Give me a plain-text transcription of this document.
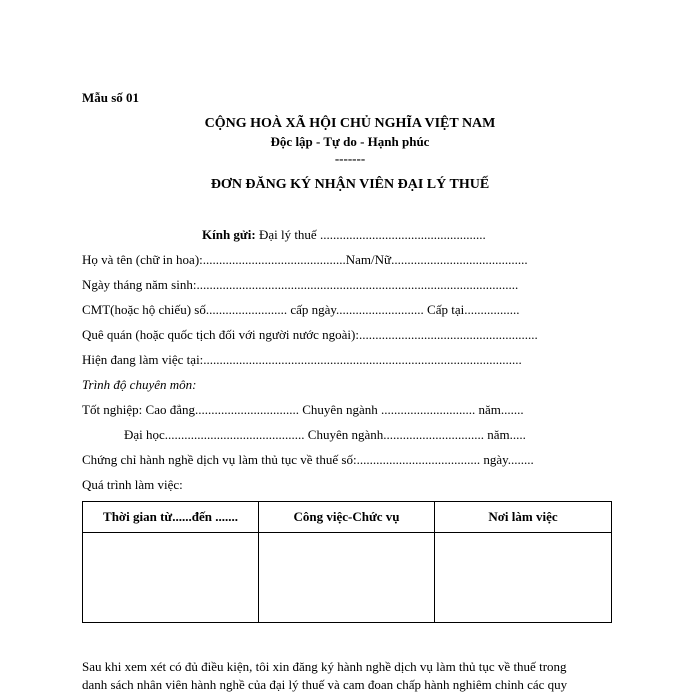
Mẫu số 01
CỘNG HOÀ XÃ HỘI CHỦ NGHĨA VIỆT NAM
Độc lập - Tự do - Hạnh phúc
-------
ĐƠN ĐĂNG KÝ NHẬN VIÊN ĐẠI LÝ THUẾ
Kính gửi: Đại lý thuế ...................................................
Họ và tên (chữ in hoa):............................................Nam/Nữ..........................................
Ngày tháng năm sinh:...................................................................................................
CMT(hoặc hộ chiếu) số......................... cấp ngày........................... Cấp tại.................
Quê quán (hoặc quốc tịch đối với người nước ngoài):.......................................................
Hiện đang làm việc tại:..................................................................................................
Trình độ chuyên môn:
Tốt nghiệp: Cao đẳng................................ Chuyên ngành ............................. năm.......
Đại học........................................... Chuyên ngành............................... năm.....
Chứng chỉ hành nghề dịch vụ làm thủ tục về thuế số:...................................... ngày........
Quá trình làm việc:
Thời gian từ......đến .......	Công việc-Chức vụ	Nơi làm việc

Sau khi xem xét có đủ điều kiện, tôi xin đăng ký hành nghề dịch vụ làm thủ tục về thuế trong
danh sách nhân viên hành nghề của đại lý thuế và cam đoan chấp hành nghiêm chỉnh các quy
